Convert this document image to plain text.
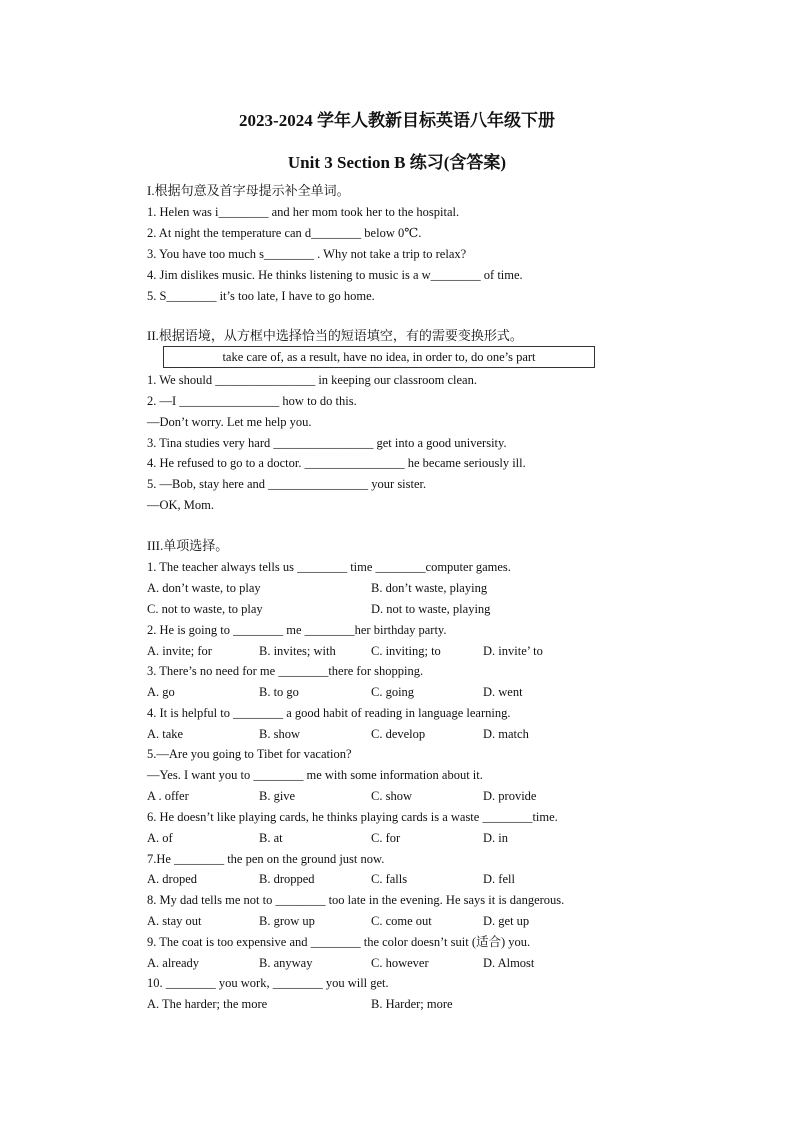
2023-2024 学年人教新目标英语八年级下册
Unit 3 Section B 练习(含答案)
I.根据句意及首字母提示补全单词。
1. Helen was i________ and her mom took her to the hospital.
2. At night the temperature can d________ below 0℃.
3. You have too much s________ . Why not take a trip to relax?
4. Jim dislikes music. He thinks listening to music is a w________ of time.
5. S________ it’s too late, I have to go home.
II.根据语境，从方框中选择恰当的短语填空，有的需要变换形式。
take care of, as a result, have no idea, in order to, do one’s part
1. We should ________________ in keeping our classroom clean.
2. —I ________________ how to do this.
—Don’t worry. Let me help you.
3. Tina studies very hard ________________ get into a good university.
4. He refused to go to a doctor. ________________ he became seriously ill.
5. —Bob, stay here and ________________ your sister.
—OK, Mom.
III.单项选择。
1. The teacher always tells us ________ time ________computer games.
A. don’t waste, to play	B. don’t waste, playing
C. not to waste, to play	D. not to waste, playing
2. He is going to ________ me ________her birthday party.
A. invite; for	B. invites; with	C. inviting; to	D. invite’ to
3. There’s no need for me ________there for shopping.
A. go	B. to go	C. going	D. went
4. It is helpful to ________ a good habit of reading in language learning.
A. take	B. show	C. develop	D. match
5.—Are you going to Tibet for vacation?
—Yes. I want you to ________ me with some information about it.
A . offer	B. give	C. show	D. provide
6. He doesn’t like playing cards, he thinks playing cards is a waste ________time.
A. of	B. at	C. for	D. in
7.He ________ the pen on the ground just now.
A. droped	B. dropped	C. falls	D. fell
8. My dad tells me not to ________ too late in the evening. He says it is dangerous.
A. stay out	B. grow up	C. come out	D. get up
9. The coat is too expensive and ________ the color doesn’t suit (适合) you.
A. already	B. anyway	C. however	D. Almost
10. ________ you work, ________ you will get.
A. The harder; the more	B. Harder; more
